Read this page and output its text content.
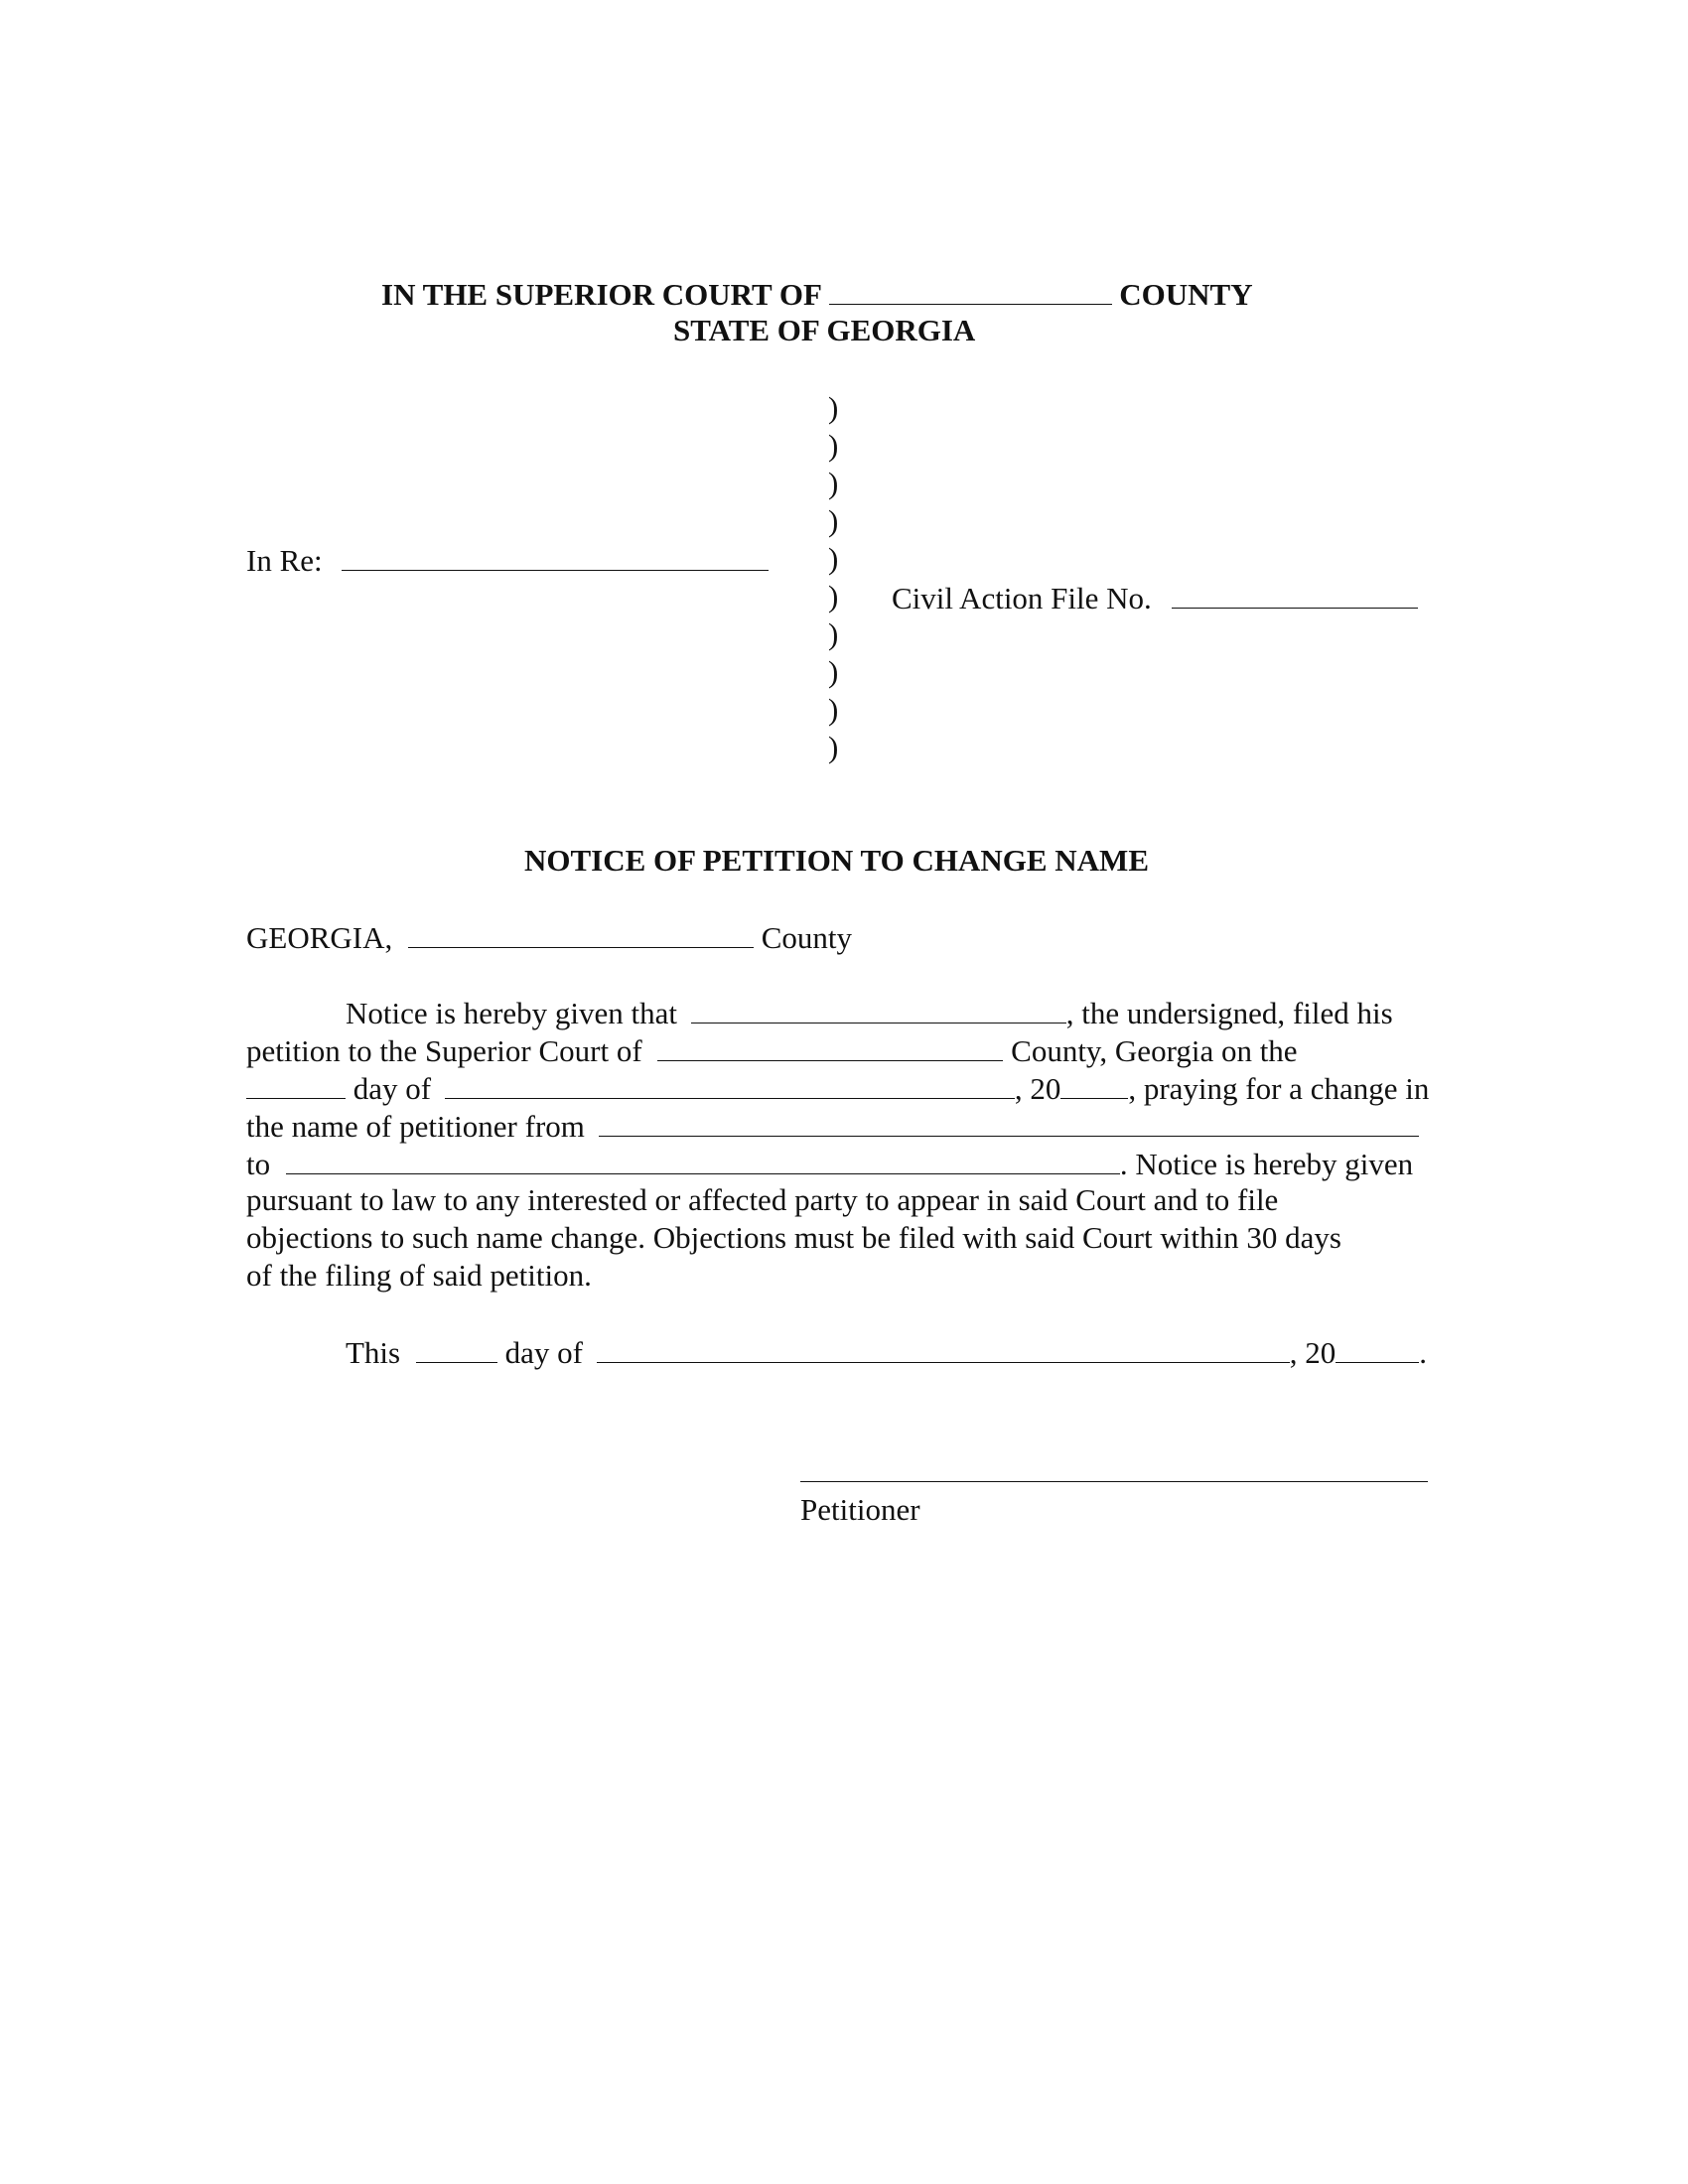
IN THE SUPERIOR COURT OF	COUNTY
STATE OF GEORGIA
In Re:
)
)
)
)
)
)
)
)
)
)
Civil Action File No.
NOTICE OF PETITION TO CHANGE NAME
GEORGIA,	County
Notice is hereby given that	, the undersigned, filed his
petition to the Superior Court of	County, Georgia on the
day of	, 20 , praying for a change in
the name of petitioner from
to	. Notice is hereby given
pursuant to law to any interested or affected party to appear in said Court and to file
objections to such name change. Objections must be filed with said Court within 30 days
of the filing of said petition.
This	day of	, 20	.
Petitioner
